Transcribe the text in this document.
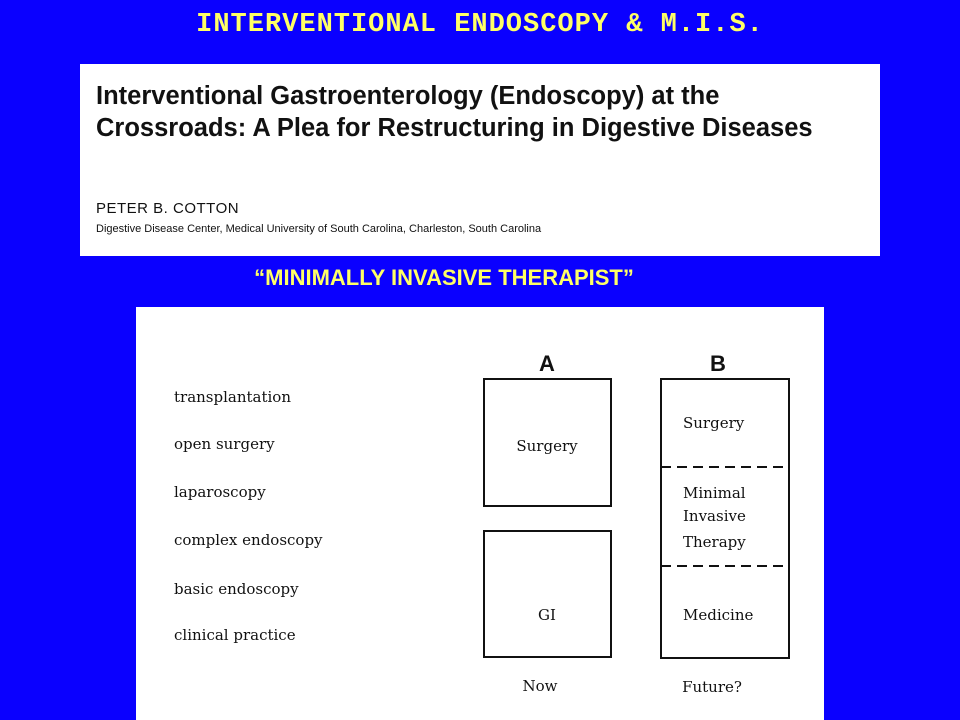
INTERVENTIONAL ENDOSCOPY & M.I.S.
Interventional Gastroenterology (Endoscopy) at the
Crossroads: A Plea for Restructuring in Digestive Diseases
PETER B. COTTON
Digestive Disease Center, Medical University of South Carolina, Charleston, South Carolina
“MINIMALLY INVASIVE THERAPIST”
transplantation
open surgery
laparoscopy
complex endoscopy
basic endoscopy
clinical practice
A
Surgery
GI
Now
B
Surgery
Minimal
Invasive
Therapy
Medicine
Future?
